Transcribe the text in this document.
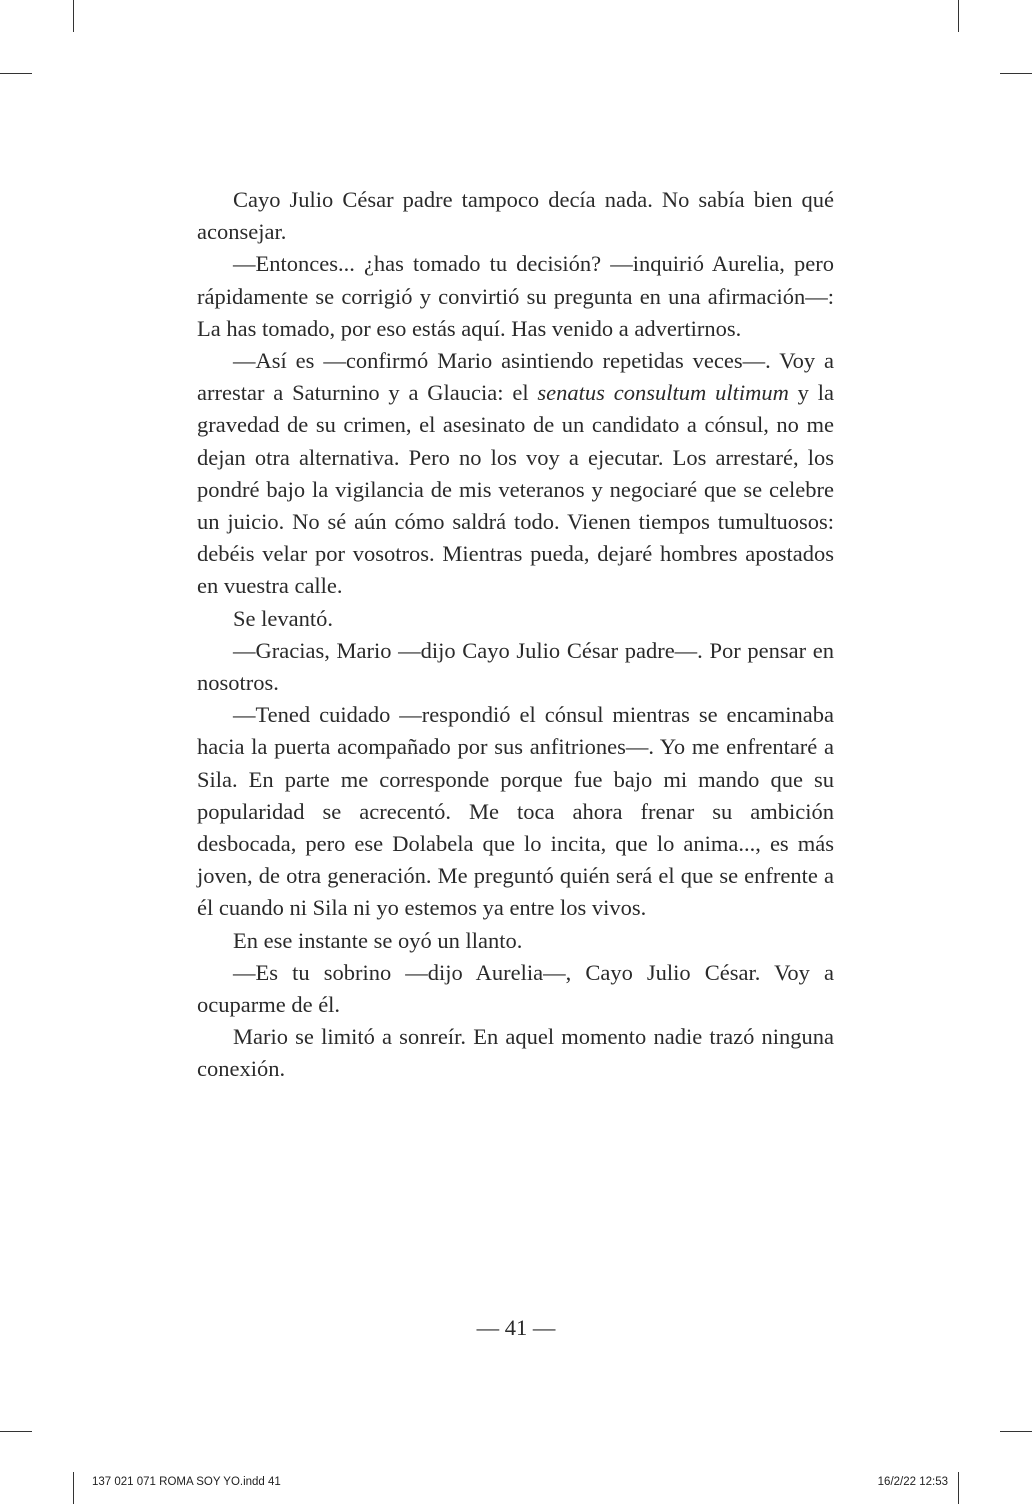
Cayo Julio César padre tampoco decía nada. No sabía bien qué aconsejar.

—Entonces... ¿has tomado tu decisión? —inquirió Aurelia, pero rápidamente se corrigió y convirtió su pregunta en una afirmación—: La has tomado, por eso estás aquí. Has venido a advertirnos.

—Así es —confirmó Mario asintiendo repetidas veces—. Voy a arrestar a Saturnino y a Glaucia: el senatus consultum ultimum y la gravedad de su crimen, el asesinato de un candidato a cónsul, no me dejan otra alternativa. Pero no los voy a ejecutar. Los arrestaré, los pondré bajo la vigilancia de mis veteranos y negociaré que se celebre un juicio. No sé aún cómo saldrá todo. Vienen tiempos tumultuosos: debéis velar por vosotros. Mientras pueda, dejaré hombres apostados en vuestra calle.

Se levantó.

—Gracias, Mario —dijo Cayo Julio César padre—. Por pensar en nosotros.

—Tened cuidado —respondió el cónsul mientras se encaminaba hacia la puerta acompañado por sus anfitriones—. Yo me enfrentaré a Sila. En parte me corresponde porque fue bajo mi mando que su popularidad se acrecentó. Me toca ahora frenar su ambición desbocada, pero ese Dolabela que lo incita, que lo anima..., es más joven, de otra generación. Me preguntó quién será el que se enfrente a él cuando ni Sila ni yo estemos ya entre los vivos.

En ese instante se oyó un llanto.

—Es tu sobrino —dijo Aurelia—, Cayo Julio César. Voy a ocuparme de él.

Mario se limitó a sonreír. En aquel momento nadie trazó ninguna conexión.

— 41 —
137 021 071 ROMA SOY YO.indd 41	16/2/22 12:53
